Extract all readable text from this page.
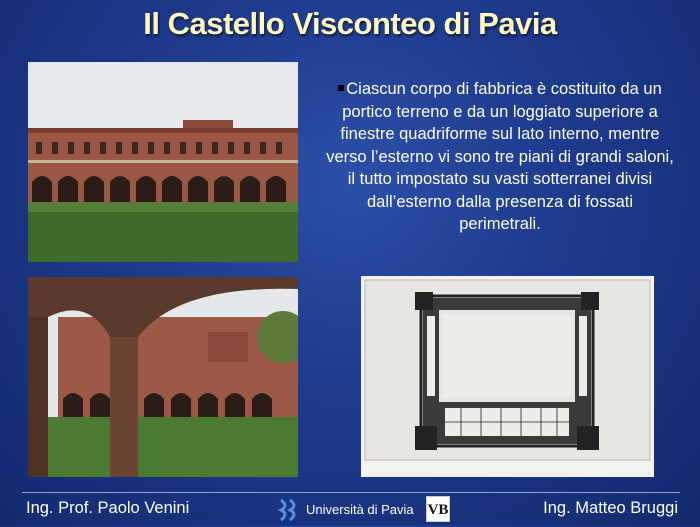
Il Castello Visconteo di Pavia
Ciascun corpo di fabbrica è costituito da un portico terreno e da un loggiato superiore a finestre quadriforme sul lato interno, mentre verso l’esterno vi sono tre piani di grandi saloni, il tutto impostato su vasti sotterranei divisi dall’esterno dalla presenza di fossati perimetrali.
Ing. Prof. Paolo Venini	Università di Pavia VB	Ing. Matteo Bruggi
